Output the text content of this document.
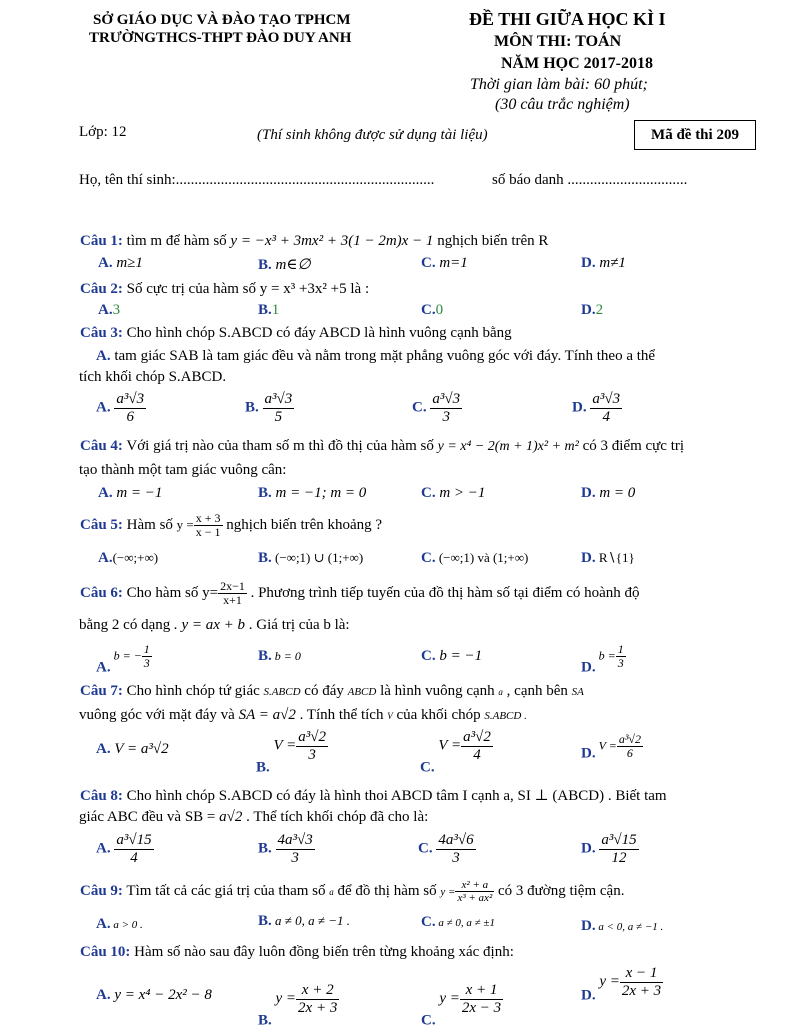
SỞ GIÁO DỤC VÀ ĐÀO TẠO TPHCM
TRƯỜNGTHCS-THPT ĐÀO DUY ANH
ĐỀ THI GIỮA HỌC KÌ I
MÔN THI: TOÁN
NĂM HỌC 2017-2018
Thời gian làm bài: 60 phút;
(30 câu trắc nghiệm)
Lớp: 12	(Thí sinh không được sử dụng tài liệu)	Mã đề thi 209
Họ, tên thí sinh:.....................................................................	số báo danh ................................
Câu 1: tìm m để hàm số y = −x³ + 3mx² + 3(1 − 2m)x − 1 nghịch biến trên R
A. m≥1	B. m∈∅	C. m=1	D. m≠1
Câu 2: Số cực trị của hàm số y = x³ +3x² +5 là :
A.3	B.1	C.0	D.2
Câu 3: Cho hình chóp S.ABCD có đáy ABCD là hình vuông cạnh bằng
A. tam giác SAB là tam giác đều và nằm trong mặt phẳng vuông góc với đáy. Tính theo a thể
tích khối chóp S.ABCD.
A. $\frac{\text{a³√3}}{6}$	B. $\frac{\text{a³√3}}{5}$	C. $\frac{\text{a³√3}}{3}$	D. $\frac{\text{a³√3}}{4}$
Câu 4: Với giá trị nào của tham số m thì đồ thị của hàm số y = x⁴ − 2(m + 1)x² + m² có 3 điểm cực trị
tạo thành một tam giác vuông cân:
A. m = −1	B. m = −1; m = 0	C. m > −1	D. m = 0
Câu 5: Hàm số $y = \frac{x + 3}{x - 1}$ nghịch biến trên khoảng ?
A.(−∞;+∞)	B. (−∞;1) ∪ (1;+∞)	C. (−∞;1) và (1;+∞)	D. R∖{1}
Câu 6: Cho hàm số $y= \frac{2x-1}{x+1}$ . Phương trình tiếp tuyến của đồ thị hàm số tại điểm có hoành độ
bằng 2 có dạng . y = ax + b . Giá trị của b là:
A. b = − $\frac{1}{3}$	B. b = 0	C. b = −1
D. $b = \frac{1}{3}$
Câu 7: Cho hình chóp tứ giác S.ABCD có đáy ABCD là hình vuông cạnh a , cạnh bên SA
vuông góc với mặt đáy và SA = a√2 . Tính thể tích V của khối chóp S.ABCD .
A. V = a³√2
B. $V = \frac{\text{a³√2}}{3}$
C. $V = \frac{\text{a³√2}}{4}$	D. $V = \frac{\text{a³√2}}{6}$
Câu 8: Cho hình chóp S.ABCD có đáy là hình thoi ABCD tâm I cạnh a, SI ⊥ (ABCD) . Biết tam
giác ABC đều và SB = a√2 . Thể tích khối chóp đã cho là:
A. $\frac{\text{a³√15}}{4}$	B. $\frac{\text{4a³√3}}{3}$	C. $\frac{\text{4a³√6}}{3}$	D. $\frac{\text{a³√15}}{12}$
Câu 9: Tìm tất cả các giá trị của tham số a để đồ thị hàm số $y = \frac{\text{x² + a}}{\text{x³ + ax²}}$ có 3 đường tiệm cận.
A. a > 0 .	B. a ≠ 0, a ≠ −1 .	C. a ≠ 0, a ≠ ±1	D. a < 0, a ≠ −1 .
Câu 10: Hàm số nào sau đây luôn đồng biến trên từng khoảng xác định:
A. y = x⁴ − 2x² − 8
B. $y = \frac{x + 2}{2x + 3}$
C. $y = \frac{x + 1}{2x - 3}$	D. $y = \frac{x - 1}{2x + 3}$
